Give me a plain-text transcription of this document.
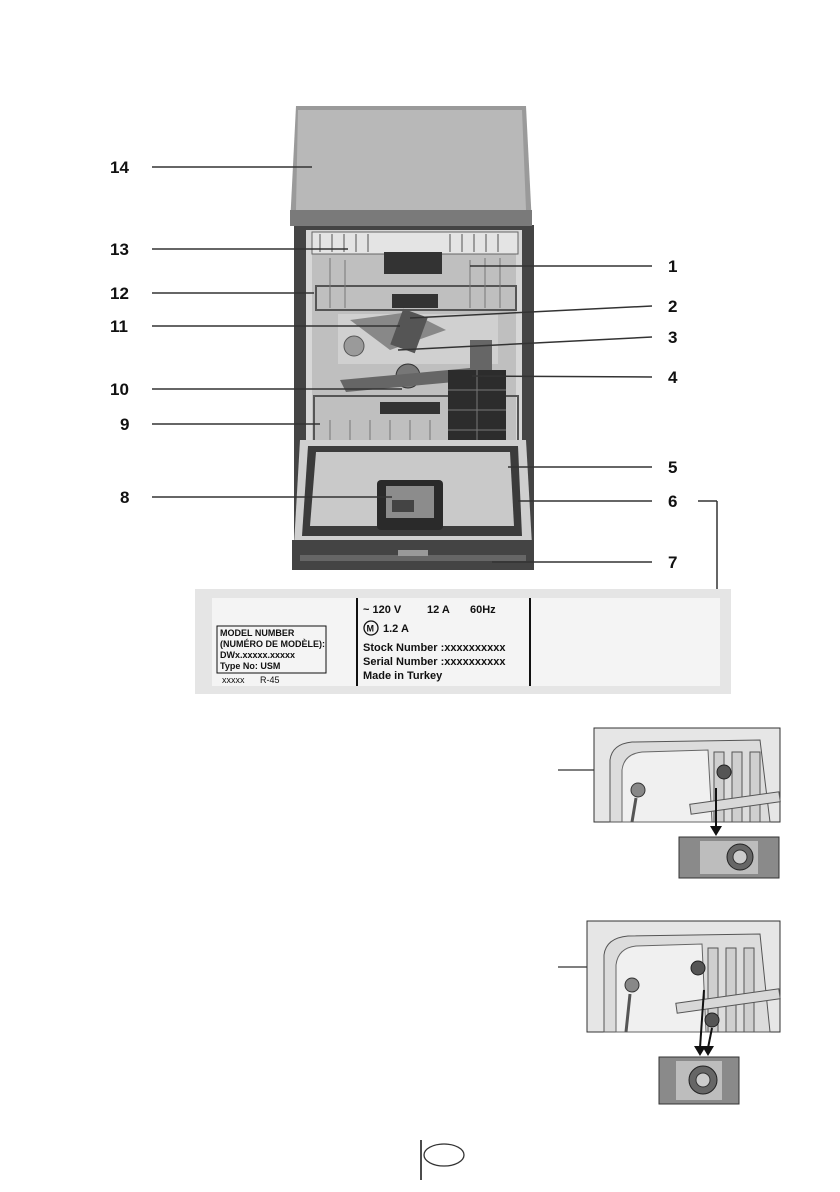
14
13
12
11
10
9
8
1
2
3
4
5
6
7
MODEL NUMBER
(NUMÉRO DE MODÈLE):
DWx.xxxxx.xxxxx
Type No: USM
xxxxx R-45
~ 120 V 12 A 60Hz
M 1.2 A
Stock Number :xxxxxxxxxx
Serial Number :xxxxxxxxxx
Made in Turkey
